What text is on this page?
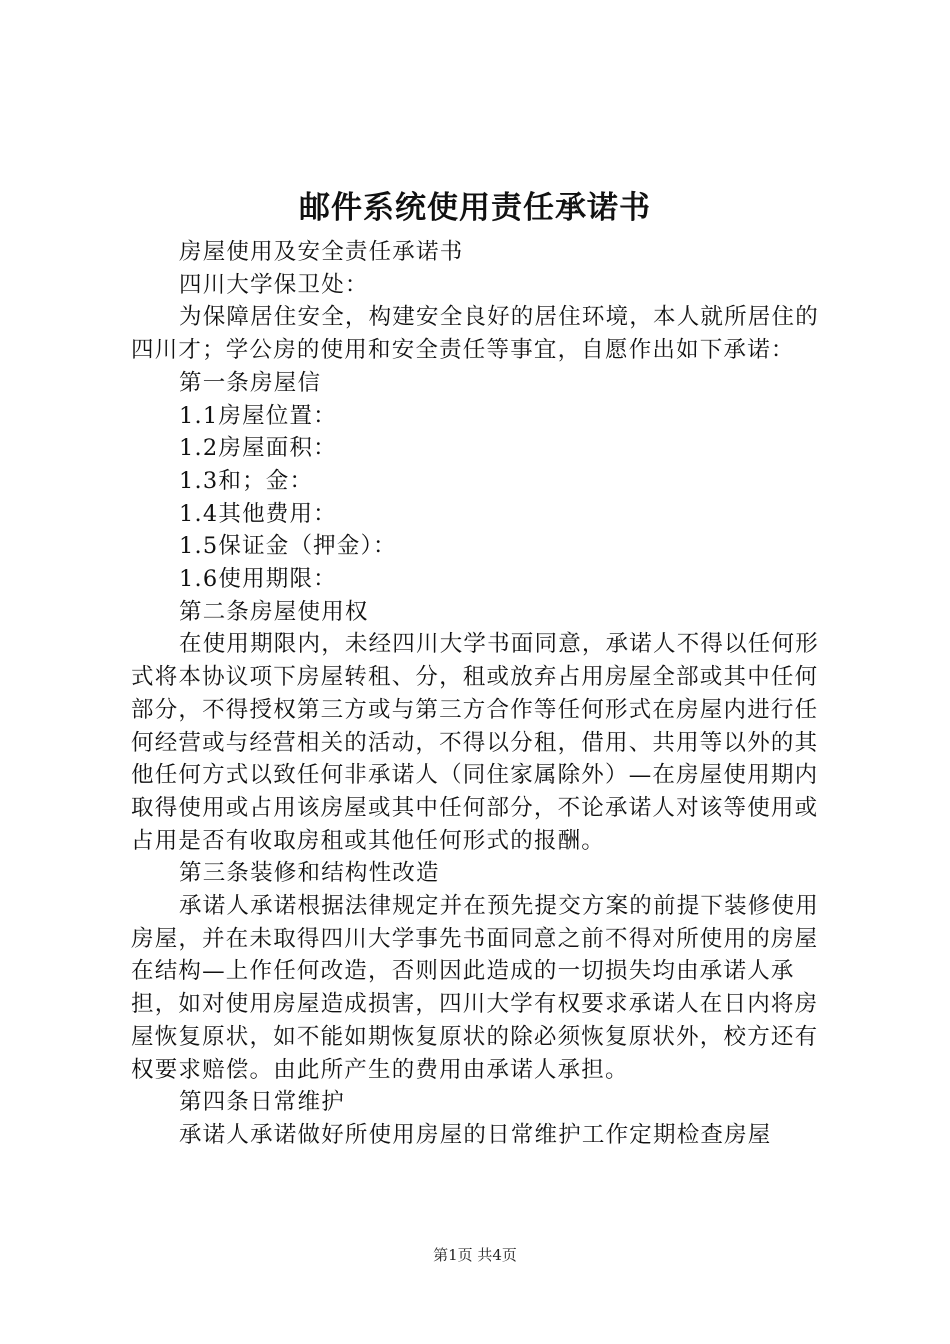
邮件系统使用责任承诺书

房屋使用及安全责任承诺书

四川大学保卫处：

为保障居住安全，构建安全良好的居住环境，本人就所居住的四川才；学公房的使用和安全责任等事宜，自愿作出如下承诺：

第一条房屋信

1.1房屋位置：

1.2房屋面积：

1.3和；金：

1.4其他费用：

1.5保证金（押金）：

1.6使用期限：

第二条房屋使用权

在使用期限内，未经四川大学书面同意，承诺人不得以任何形式将本协议项下房屋转租、分，租或放弃占用房屋全部或其中任何部分，不得授权第三方或与第三方合作等任何形式在房屋内进行任何经营或与经营相关的活动，不得以分租，借用、共用等以外的其他任何方式以致任何非承诺人（同住家属除外）—在房屋使用期内取得使用或占用该房屋或其中任何部分，不论承诺人对该等使用或占用是否有收取房租或其他任何形式的报酬。

第三条装修和结构性改造

承诺人承诺根据法律规定并在预先提交方案的前提下装修使用房屋，并在未取得四川大学事先书面同意之前不得对所使用的房屋在结构—上作任何改造，否则因此造成的一切损失均由承诺人承担，如对使用房屋造成损害，四川大学有权要求承诺人在日内将房屋恢复原状，如不能如期恢复原状的除必须恢复原状外，校方还有权要求赔偿。由此所产生的费用由承诺人承担。

第四条日常维护

承诺人承诺做好所使用房屋的日常维护工作定期检查房屋

第1页 共4页
